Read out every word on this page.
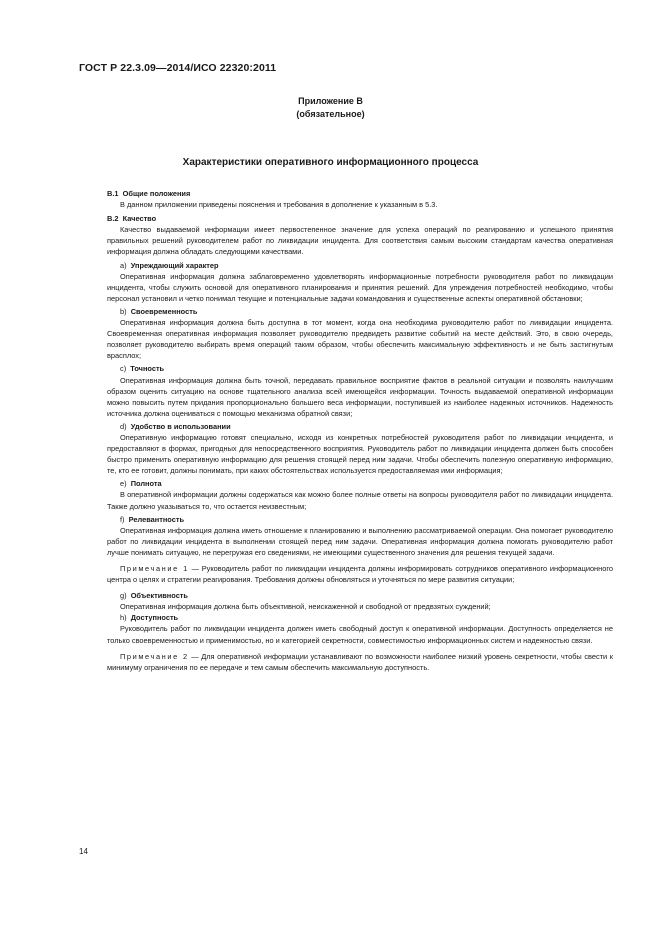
ГОСТ Р 22.3.09—2014/ИСО 22320:2011
Приложение В
(обязательное)
Характеристики оперативного информационного процесса

В.1 Общие положения

В данном приложении приведены пояснения и требования в дополнение к указанным в 5.3.

В.2 Качество

Качество выдаваемой информации имеет первостепенное значение для успеха операций по реагированию и успешного принятия правильных решений руководителем работ по ликвидации инцидента. Для соответствия самым высоким стандартам качества оперативная информация должна обладать следующими качествами.

a) Упреждающий характер

Оперативная информация должна заблаговременно удовлетворять информационные потребности руководителя работ по ликвидации инцидента, чтобы служить основой для оперативного планирования и принятия решений. Для упреждения потребностей необходимо, чтобы персонал установил и четко понимал текущие и потенциальные задачи командования и существенные аспекты оперативной обстановки;

b) Своевременность

Оперативная информация должна быть доступна в тот момент, когда она необходима руководителю работ по ликвидации инцидента. Своевременная оперативная информация позволяет руководителю предвидеть развитие событий на месте действий. Это, в свою очередь, позволяет руководителю выбирать время операций таким образом, чтобы обеспечить максимальную эффективность и не быть застигнутым врасплох;

c) Точность

Оперативная информация должна быть точной, передавать правильное восприятие фактов в реальной ситуации и позволять наилучшим образом оценить ситуацию на основе тщательного анализа всей имеющейся информации. Точность выдаваемой оперативной информации можно повысить путем придания пропорционально большего веса информации, поступившей из наиболее надежных источников. Надежность источника должна оцениваться с помощью механизма обратной связи;

d) Удобство в использовании

Оперативную информацию готовят специально, исходя из конкретных потребностей руководителя работ по ликвидации инцидента, и предоставляют в формах, пригодных для непосредственного восприятия. Руководитель работ по ликвидации инцидента должен быть способен быстро применить оперативную информацию для решения стоящей перед ним задачи. Чтобы обеспечить полезную оперативную информацию, те, кто ее готовит, должны понимать, при каких обстоятельствах используется предоставляемая ими информация;

e) Полнота

В оперативной информации должны содержаться как можно более полные ответы на вопросы руководителя работ по ликвидации инцидента. Также должно указываться то, что остается неизвестным;

f) Релевантность

Оперативная информация должна иметь отношение к планированию и выполнению рассматриваемой операции. Она помогает руководителю работ по ликвидации инцидента в выполнении стоящей перед ним задачи. Оперативная информация должна помогать руководителю работ лучше понимать ситуацию, не перегружая его сведениями, не имеющими существенного значения для решения текущей задачи.

Примечание 1 — Руководитель работ по ликвидации инцидента должны информировать сотрудников оперативного информационного центра о целях и стратегии реагирования. Требования должны обновляться и уточняться по мере развития ситуации;

g) Объективность

Оперативная информация должна быть объективной, неискаженной и свободной от предвзятых суждений;

h) Доступность

Руководитель работ по ликвидации инцидента должен иметь свободный доступ к оперативной информации. Доступность определяется не только своевременностью и применимостью, но и категорией секретности, совместимостью информационных систем и надежностью связи.

Примечание 2 — Для оперативной информации устанавливают по возможности наиболее низкий уровень секретности, чтобы свести к минимуму ограничения по ее передаче и тем самым обеспечить максимальную доступность.

14
